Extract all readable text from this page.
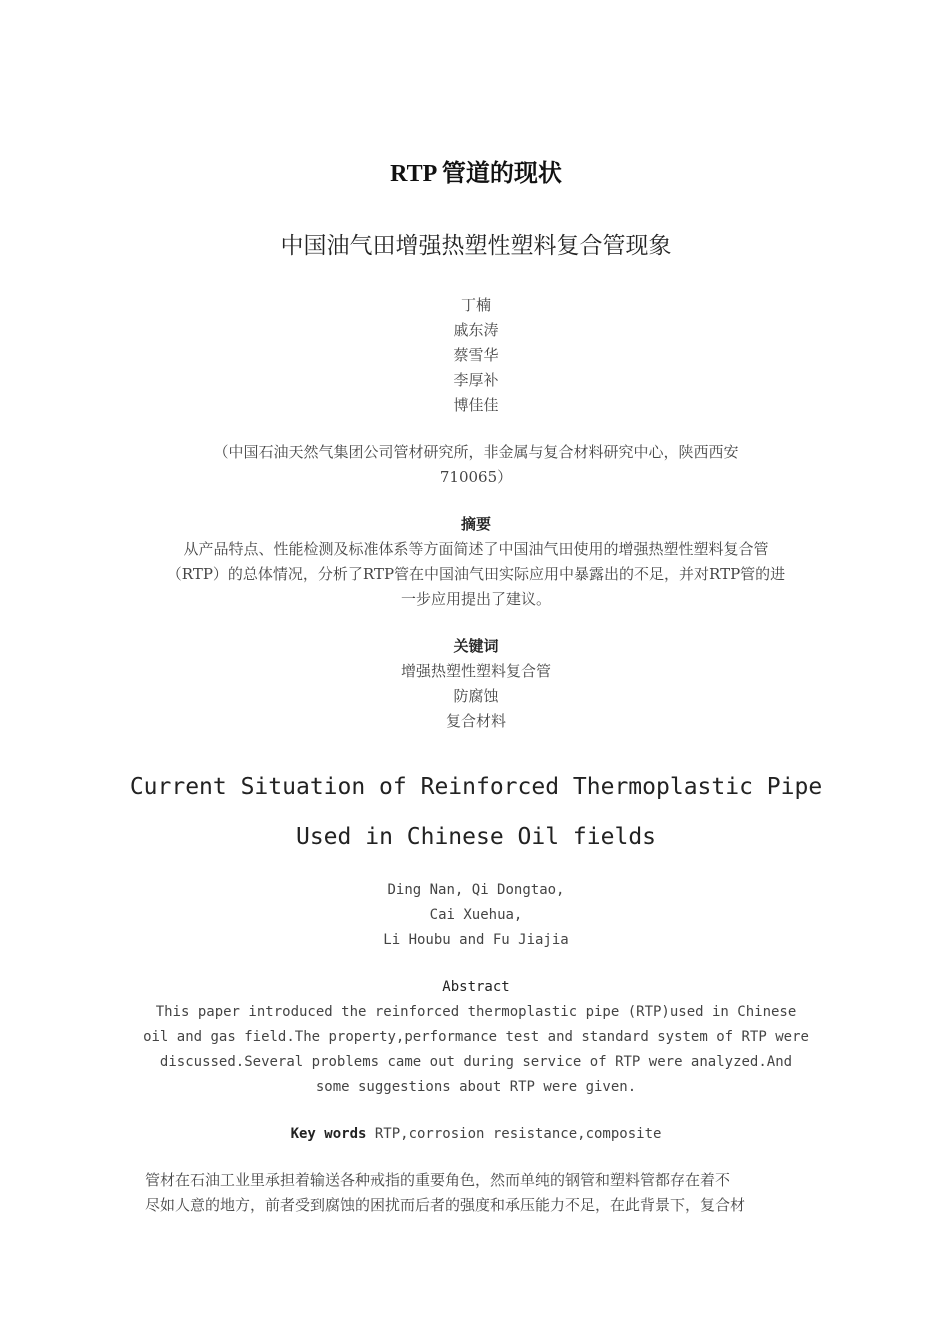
RTP 管道的现状
中国油气田增强热塑性塑料复合管现象
丁楠
戚东涛
蔡雪华
李厚补
博佳佳
（中国石油天然气集团公司管材研究所，非金属与复合材料研究中心，陕西西安
710065）
摘要
从产品特点、性能检测及标准体系等方面简述了中国油气田使用的增强热塑性塑料复合管
（RTP）的总体情况，分析了RTP管在中国油气田实际应用中暴露出的不足，并对RTP管的进
一步应用提出了建议。
关键词
增强热塑性塑料复合管
防腐蚀
复合材料
Current Situation of Reinforced Thermoplastic Pipe
Used in Chinese Oil fields
Ding Nan, Qi Dongtao,
Cai Xuehua,
Li Houbu and Fu Jiajia
Abstract
This paper introduced the reinforced thermoplastic pipe (RTP)used in Chinese
oil and gas field.The property,performance test and standard system of RTP were
discussed.Several problems came out during service of RTP were analyzed.And
some suggestions about RTP were given.
Key words RTP,corrosion resistance,composite
管材在石油工业里承担着输送各种戒指的重要角色，然而单纯的钢管和塑料管都存在着不
尽如人意的地方，前者受到腐蚀的困扰而后者的强度和承压能力不足，在此背景下，复合材
